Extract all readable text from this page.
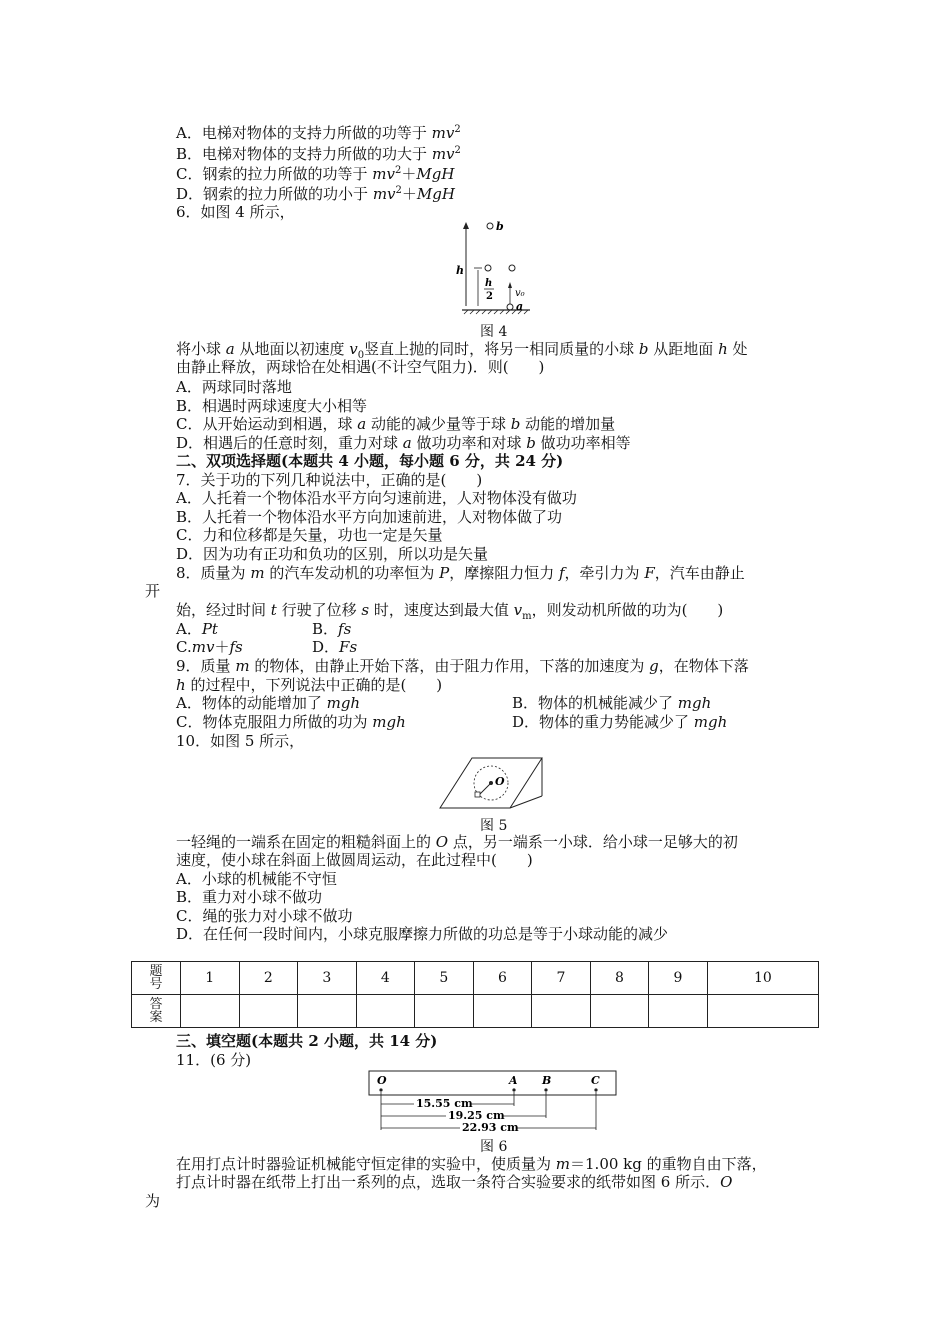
A．电梯对物体的支持力所做的功等于 $mv^2$
B．电梯对物体的支持力所做的功大于 $mv^2$
C．钢索的拉力所做的功等于 $mv^2+MgH$
D．钢索的拉力所做的功小于 $mv^2+MgH$
6．如图 4 所示，
b
h
h
2 v₀
a
图 4
将小球 a 从地面以初速度 $v_0$竖直上抛的同时，将另一相同质量的小球 b 从距地面 h 处
由静止释放，两球恰在处相遇(不计空气阻力)．则(　　)
A．两球同时落地
B．相遇时两球速度大小相等
C．从开始运动到相遇，球 a 动能的减少量等于球 b 动能的增加量
D．相遇后的任意时刻，重力对球 a 做功功率和对球 b 做功功率相等
二、双项选择题(本题共 4 小题，每小题 6 分，共 24 分)
7．关于功的下列几种说法中，正确的是(　　)
A．人托着一个物体沿水平方向匀速前进，人对物体没有做功
B．人托着一个物体沿水平方向加速前进，人对物体做了功
C．力和位移都是矢量，功也一定是矢量
D．因为功有正功和负功的区别，所以功是矢量
8．质量为 m 的汽车发动机的功率恒为 P，摩擦阻力恒力 f，牵引力为 F，汽车由静止
开
始，经过时间 t 行驶了位移 s 时，速度达到最大值 $v_m$，则发动机所做的功为(　　)
A．Pt	B．fs
C.mv＋fs	D．Fs
9．质量 m 的物体，由静止开始下落，由于阻力作用，下落的加速度为 g，在物体下落
h 的过程中，下列说法中正确的是(　　)
A．物体的动能增加了 mgh	B．物体的机械能减少了 mgh
C．物体克服阻力所做的功为 mgh	D．物体的重力势能减少了 mgh
10．如图 5 所示，
O
图 5
一轻绳的一端系在固定的粗糙斜面上的 O 点，另一端系一小球．给小球一足够大的初
速度，使小球在斜面上做圆周运动，在此过程中(　　)
A．小球的机械能不守恒
B．重力对小球不做功
C．绳的张力对小球不做功
D．在任何一段时间内，小球克服摩擦力所做的功总是等于小球动能的减少
题号	1	2	3	4	5	6	7	8	9	10

答案										

三、填空题(本题共 2 小题，共 14 分)
11．(6 分)
O	A B	C
15.55 cm
19.25 cm
22.93 cm
图 6
在用打点计时器验证机械能守恒定律的实验中，使质量为 m＝1.00 kg 的重物自由下落，
打点计时器在纸带上打出一系列的点，选取一条符合实验要求的纸带如图 6 所示．O
为
